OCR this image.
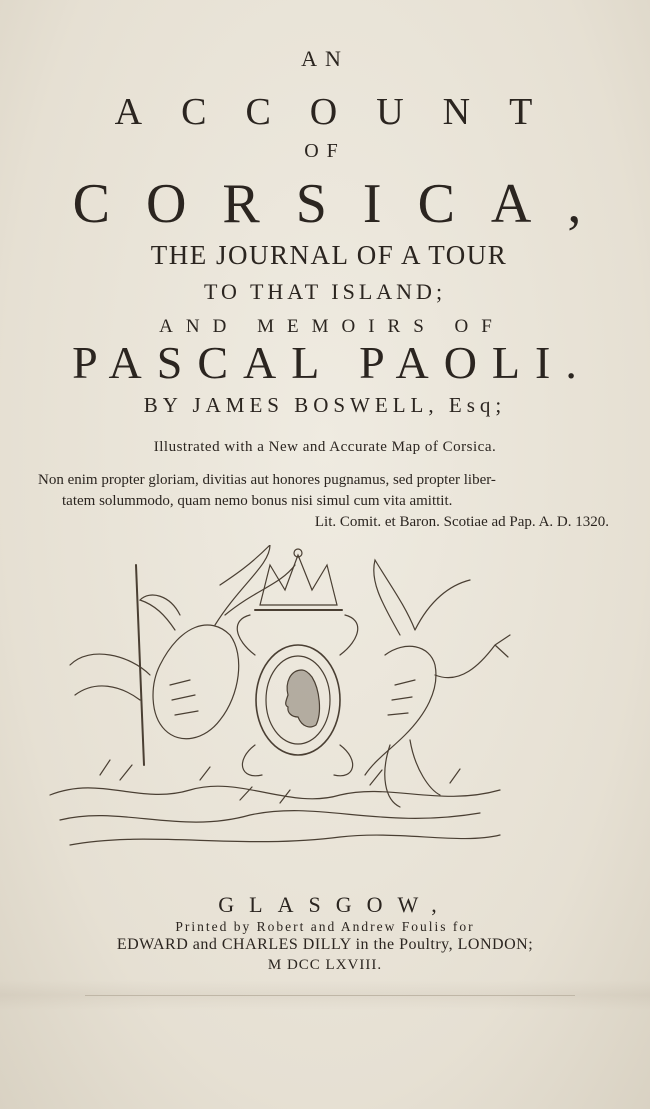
AN
ACCOUNT
OF
CORSICA,
THE JOURNAL OF A TOUR
TO THAT ISLAND;
AND MEMOIRS OF
PASCAL PAOLI.
BY JAMES BOSWELL, Esq;
Illustrated with a New and Accurate Map of Corsica.
Non enim propter gloriam, divitias aut honores pugnamus, sed propter liber-
tatem solummodo, quam nemo bonus nisi simul cum vita amittit.
Lit. Comit. et Baron. Scotiae ad Pap. A. D. 1320.
GLASGOW,
Printed by Robert and Andrew Foulis for
EDWARD and CHARLES DILLY in the Poultry, LONDON;
M DCC LXVIII.
